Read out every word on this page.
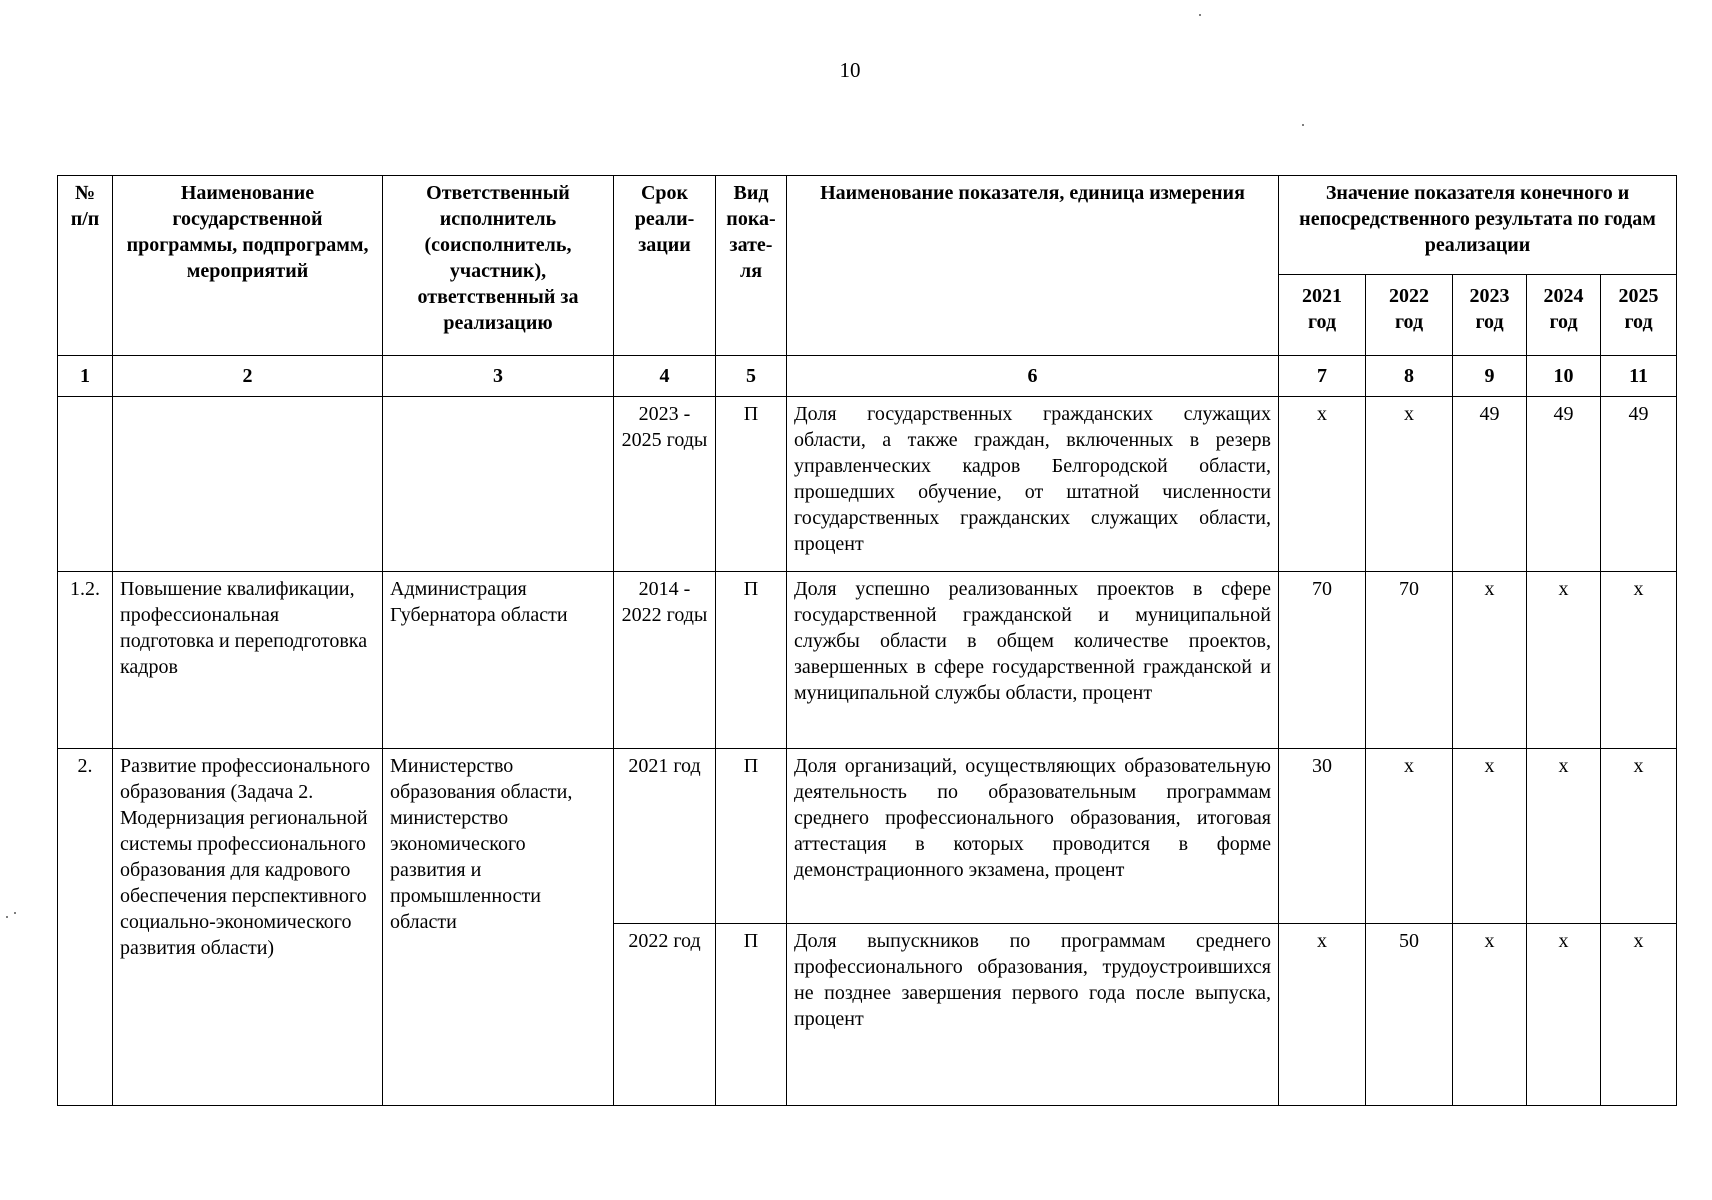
10
№ п/п	Наименование государственной программы, подпрограмм, мероприятий	Ответственный исполнитель (соисполнитель, участник), ответственный за реализацию	Срок реали- зации	Вид пока- зате- ля	Наименование показателя, единица измерения	Значение показателя конечного и непосредственного результата по годам реализации				
						2021 год	2022 год	2023 год	2024 год	2025 год
1	2	3	4	5	6	7	8	9	10	11
			2023 - 2025 годы	П	Доля государственных гражданских служащих области, а также граждан, включенных в резерв управленческих кадров Белгородской области, прошедших обучение, от штатной численности государственных гражданских служащих области, процент	x	x	49	49	49
1.2.	Повышение квалификации, профессиональная подготовка и переподготовка кадров	Администрация Губернатора области	2014 - 2022 годы	П	Доля успешно реализованных проектов в сфере государственной гражданской и муниципальной службы области в общем количестве проектов, завершенных в сфере государственной гражданской и муниципальной службы области, процент	70	70	x	x	x
2.	Развитие профессионального образования (Задача 2. Модернизация региональной системы профессионального образования для кадрового обеспечения перспективного социально-экономического развития области)	Министерство образования области, министерство экономического развития и промышленности области	2021 год	П	Доля организаций, осуществляющих образовательную деятельность по образовательным программам среднего профессионального образования, итоговая аттестация в которых проводится в форме демонстрационного экзамена, процент	30	x	x	x	x
			2022 год	П	Доля выпускников по программам среднего профессионального образования, трудоустроившихся не позднее завершения первого года после выпуска, процент	x	50	x	x	x
